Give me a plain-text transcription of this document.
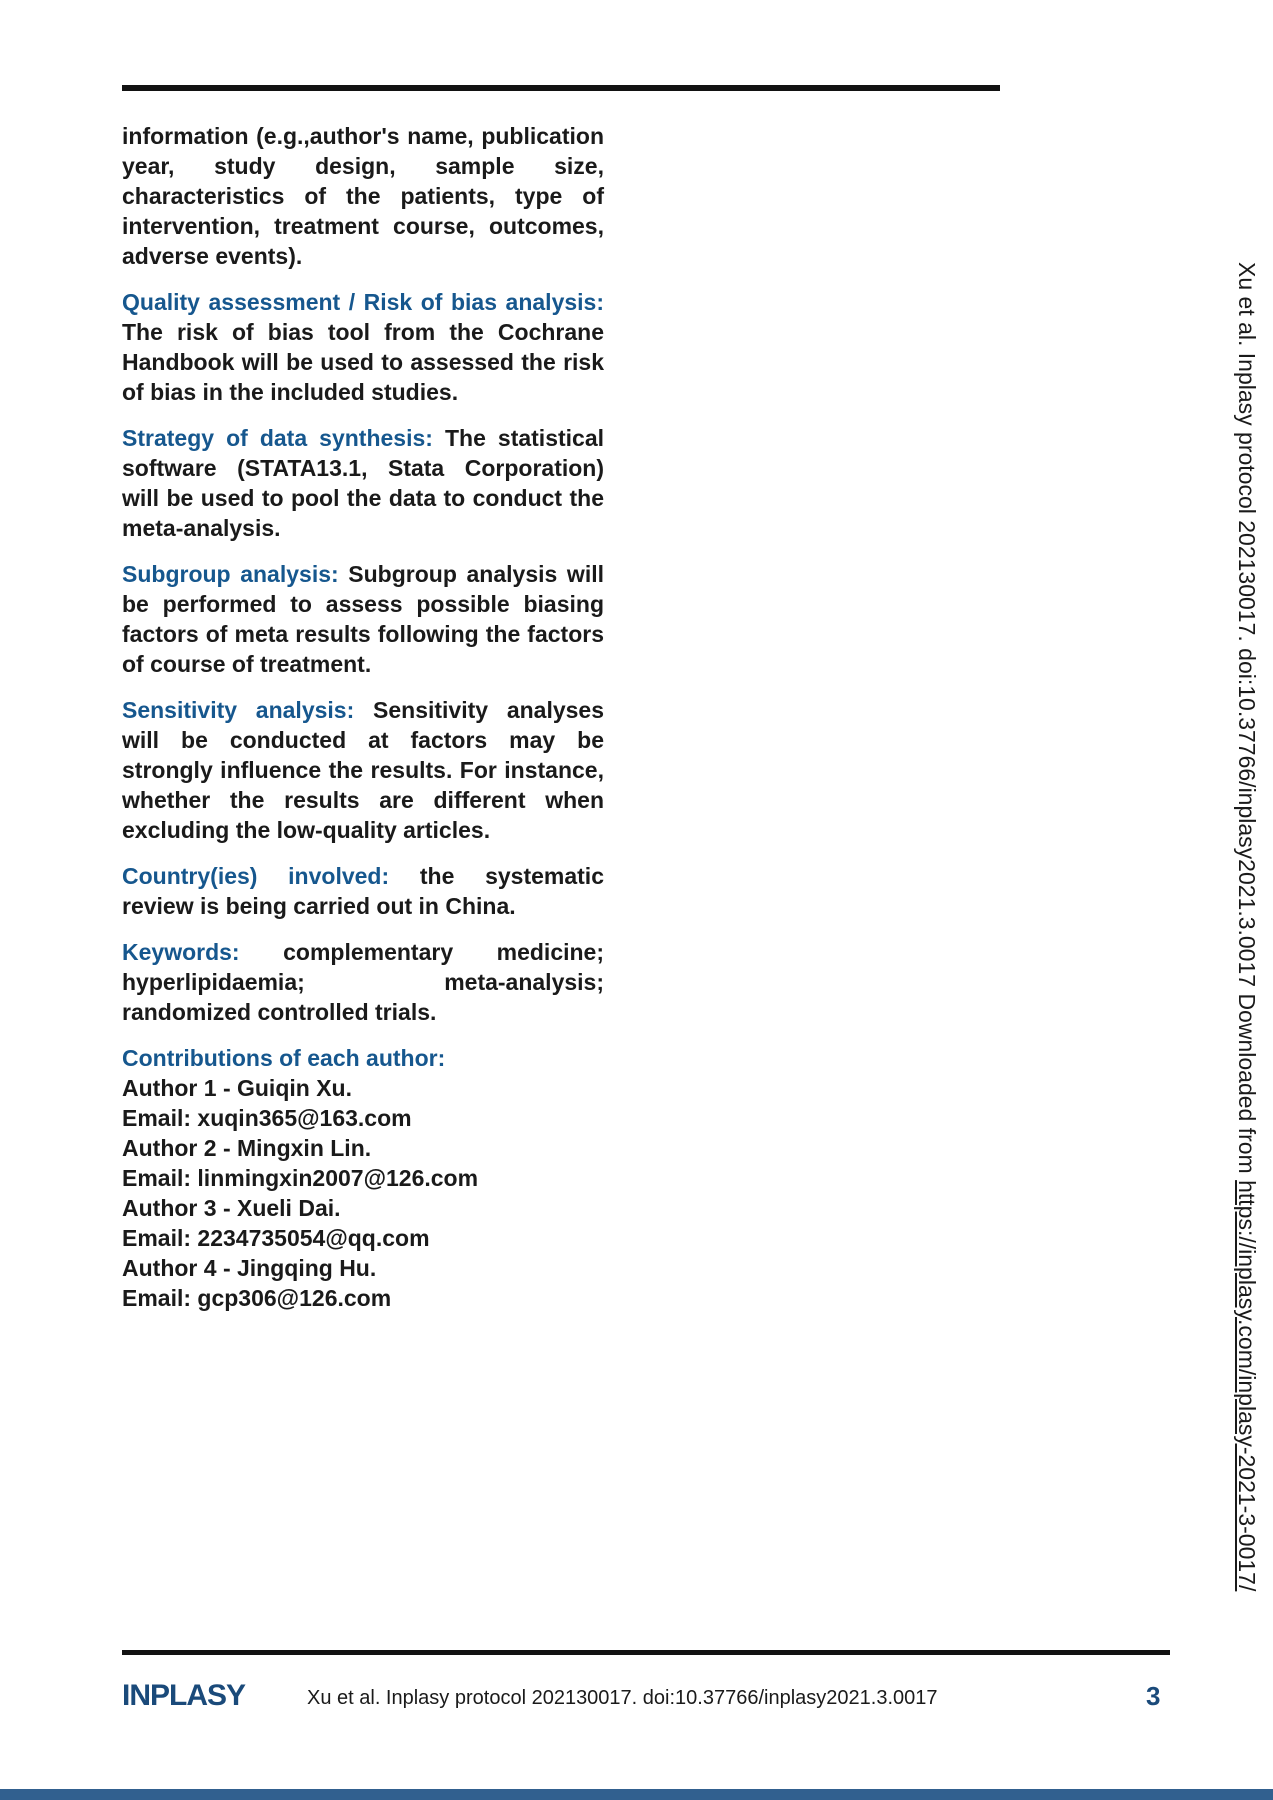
information (e.g.,author's name, publication year, study design, sample size, characteristics of the patients, type of intervention, treatment course, outcomes, adverse events).

Quality assessment / Risk of bias analysis: The risk of bias tool from the Cochrane Handbook will be used to assessed the risk of bias in the included studies.

Strategy of data synthesis: The statistical software (STATA13.1, Stata Corporation) will be used to pool the data to conduct the meta-analysis.

Subgroup analysis: Subgroup analysis will be performed to assess possible biasing factors of meta results following the factors of course of treatment.

Sensitivity analysis: Sensitivity analyses will be conducted at factors may be strongly influence the results. For instance, whether the results are different when excluding the low-quality articles.

Country(ies) involved: the systematic review is being carried out in China.

Keywords: complementary medicine; hyperlipidaemia; meta-analysis; randomized controlled trials.

Contributions of each author:
Author 1 - Guiqin Xu.
Email: xuqin365@163.com
Author 2 - Mingxin Lin.
Email: linmingxin2007@126.com
Author 3 - Xueli Dai.
Email: 2234735054@qq.com
Author 4 - Jingqing Hu.
Email: gcp306@126.com
Xu et al. Inplasy protocol 202130017. doi:10.37766/inplasy2021.3.0017 Downloaded from https://inplasy.com/inplasy-2021-3-0017/
INPLASY	Xu et al. Inplasy protocol 202130017. doi:10.37766/inplasy2021.3.0017	3
